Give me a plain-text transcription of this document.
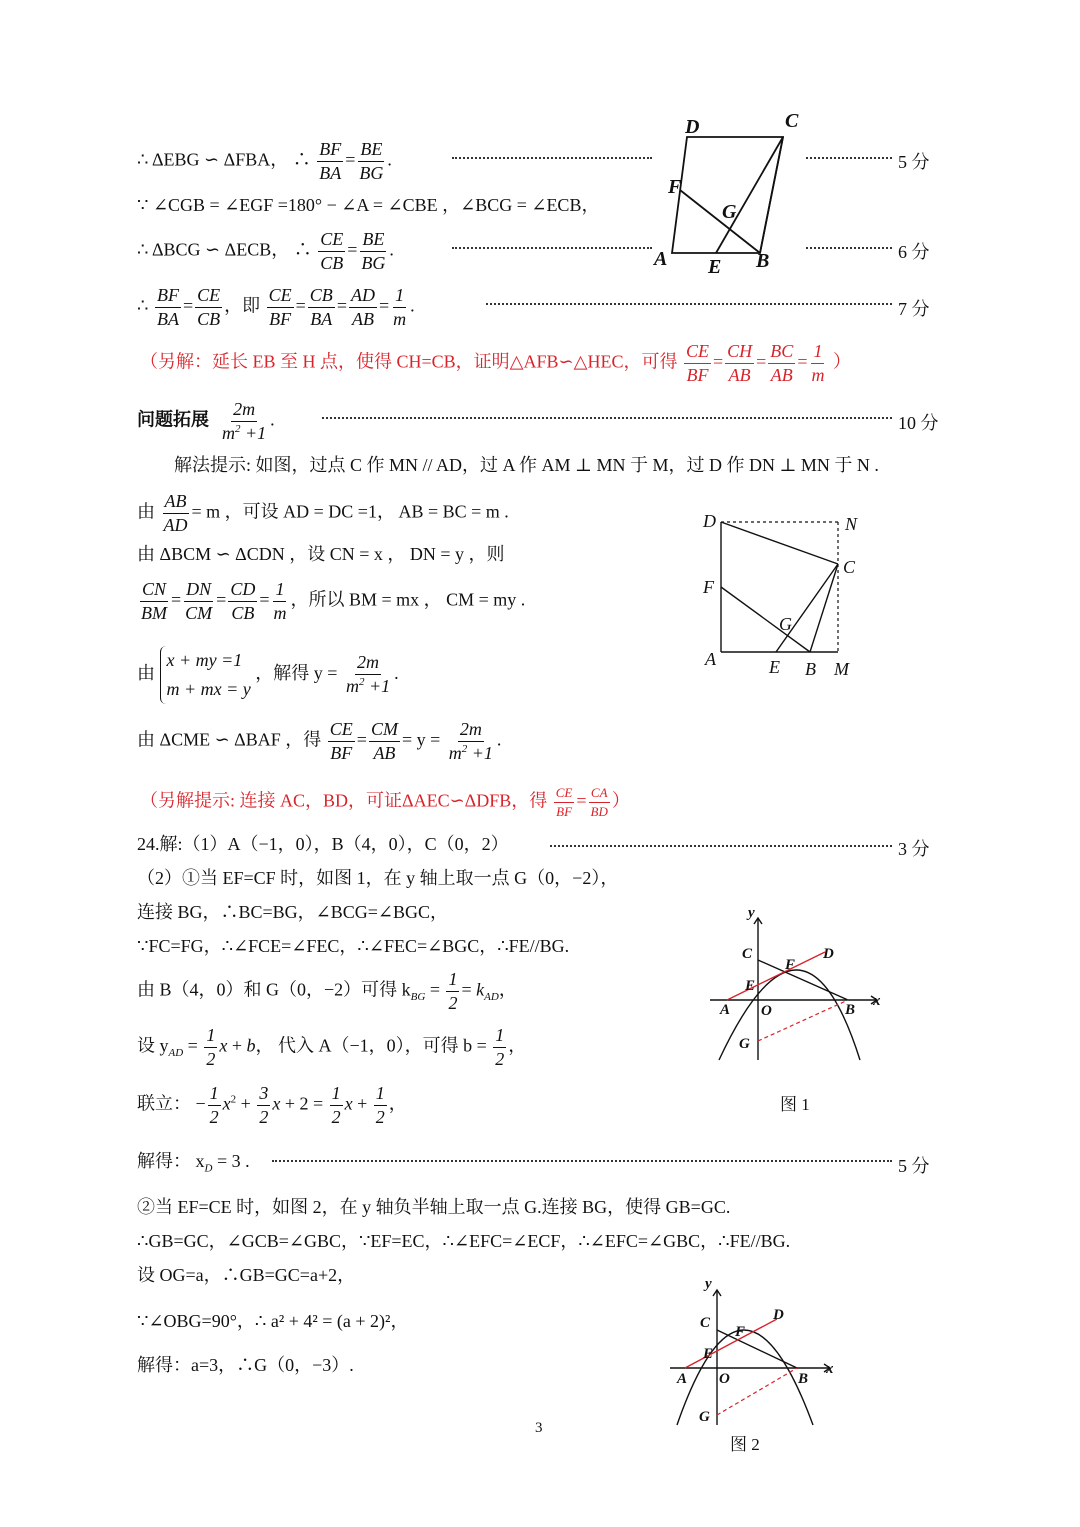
∴ ΔEBG ∽ ΔFBA， ∴ $\frac{BF}{BA} = \frac{BE}{BG}$ .	5 分
∵ ∠CGB = ∠EGF =180° − ∠A = ∠CBE ，∠BCG = ∠ECB，
∴ ΔBCG ∽ ΔECB， ∴ $\frac{CE}{CB} = \frac{BE}{BG}$ .	6 分
∴ $\frac{BF}{BA} = \frac{CE}{CB}$ ，即 $\frac{CE}{BF} = \frac{CB}{BA} = \frac{AD}{AB} = \frac{1}{m}$ .	7 分
（另解：延长 EB 至 H 点，使得 CH=CB，证明△AFB∽△HEC，可得 $\frac{CE}{BF} = \frac{CH}{AB} = \frac{BC}{AB} = \frac{1}{m}$ ）
问题拓展 $\frac{2m}{m^2 +1}$ .	10 分
解法提示: 如图，过点 C 作 MN // AD，过 A 作 AM ⊥ MN 于 M，过 D 作 DN ⊥ MN 于 N .
由 $\frac{AB}{AD} = m$ ，可设 AD = DC =1， AB = BC = m .
由 ΔBCM ∽ ΔCDN ，设 CN = x ， DN = y ，则
$\frac{CN}{BM} = \frac{DN}{CM} = \frac{CD}{CB} = \frac{1}{m}$ ，所以 BM = mx ， CM = my .
由 x + my =1
m + mx = y ，解得 $y = \frac{2m}{m^2 +1}$ .
由 ΔCME ∽ ΔBAF ，得 $\frac{CE}{BF} = \frac{CM}{AB} = y = \frac{2m}{m^2 +1}$ .
（另解提示: 连接 AC，BD，可证ΔAEC∽ΔDFB，得 $\frac{CE}{BF} = \frac{CA}{BD}$ ）
24.解:（1）A（−1，0），B（4，0），C（0，2）	3 分
（2）①当 EF=CF 时，如图 1，在 y 轴上取一点 G（0，−2），
连接 BG，∴BC=BG，∠BCG=∠BGC，
∵FC=FG，∴∠FCE=∠FEC，∴∠FEC=∠BGC，∴FE//BG.
由 B（4，0）和 G（0，−2）可得 $k_{BG} = \frac{1}{2} = k_{AD}$，
设 $y_{AD} = \frac{1}{2}$ x + b， 代入 A（−1，0），可得 $b = \frac{1}{2}$ ，
联立： − $\frac{1}{2} x^2 + \frac{3}{2}$ $x + 2 = \frac{1}{2}$ $x + \frac{1}{2}$ ，
解得： $x_D = 3$ .	5 分
②当 EF=CE 时，如图 2，在 y 轴负半轴上取一点 G.连接 BG，使得 GB=GC.
∴GB=GC，∠GCB=∠GBC，∵EF=EC，∴∠EFC=∠ECF，∴∠EFC=∠GBC，∴FE//BG.
设 OG=a，∴GB=GC=a+2，
∵∠OBG=90°，∴ a² + 4² = (a + 2)²，
解得：a=3，∴G（0，−3）.
3
D	C
F
G
A E B
D	N
C
F
G
A	E B M
y
C	D
F
E
A O	B
x
G
图 1
y
C	D
F
E
A O	B
x
G
图 2
